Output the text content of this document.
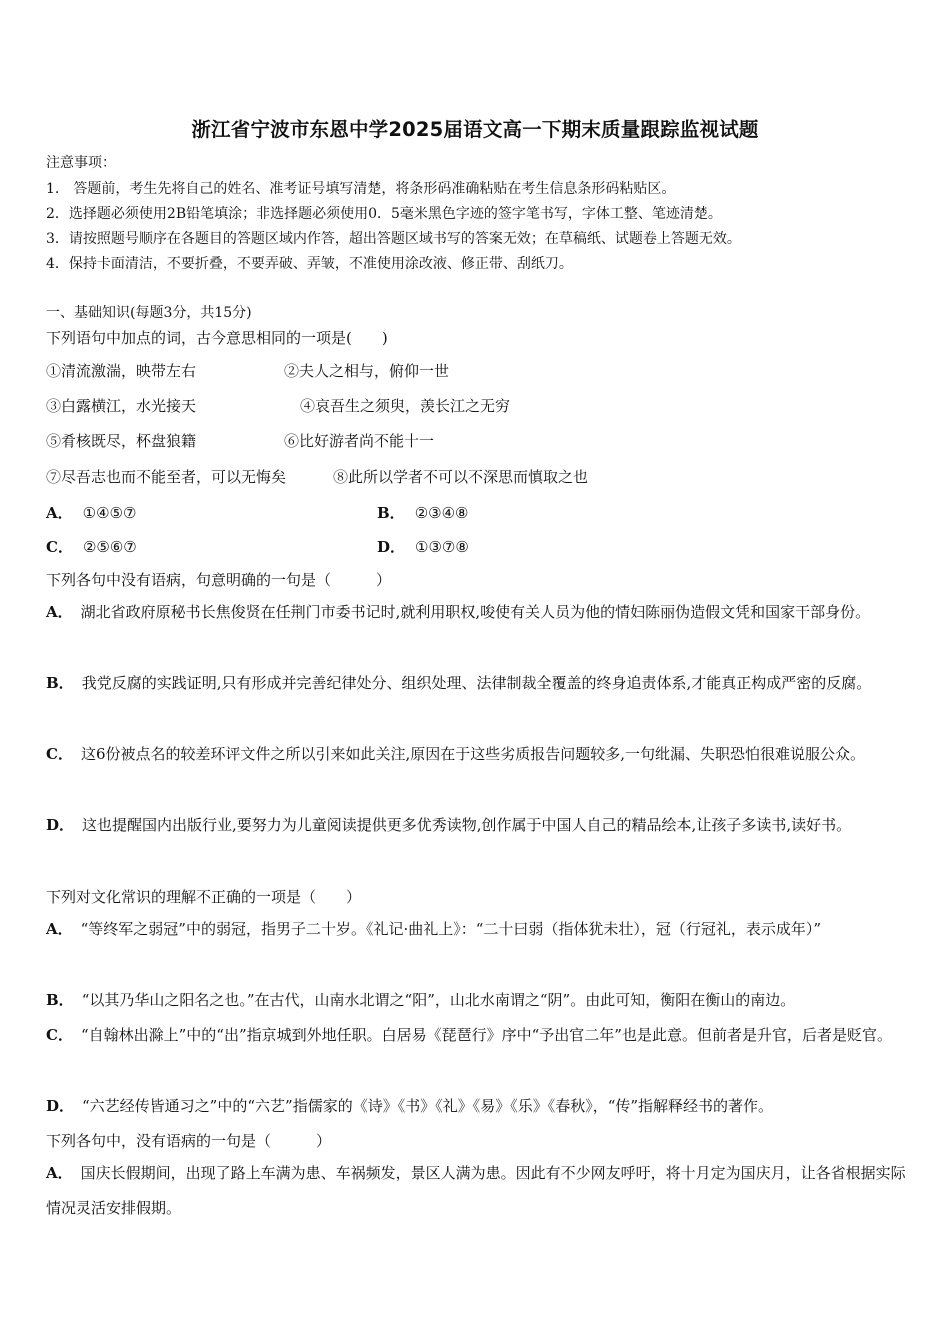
浙江省宁波市东恩中学2025届语文高一下期末质量跟踪监视试题
注意事项：
1.　答题前，考生先将自己的姓名、准考证号填写清楚，将条形码准确粘贴在考生信息条形码粘贴区。
2．选择题必须使用2B铅笔填涂；非选择题必须使用0．5毫米黑色字迹的签字笔书写，字体工整、笔迹清楚。
3．请按照题号顺序在各题目的答题区域内作答，超出答题区域书写的答案无效；在草稿纸、试题卷上答题无效。
4．保持卡面清洁，不要折叠，不要弄破、弄皱，不准使用涂改液、修正带、刮纸刀。
一、基础知识(每题3分，共15分)
下列语句中加点的词，古今意思相同的一项是(　　)
①清流激湍，映带左右	②夫人之相与，俯仰一世
③白露横江，水光接天	④哀吾生之须臾，羡长江之无穷
⑤肴核既尽，杯盘狼籍	⑥比好游者尚不能十一
⑦尽吾志也而不能至者，可以无悔矣	⑧此所以学者不可以不深思而慎取之也
A． ①④⑤⑦	B． ②③④⑧
C． ②⑤⑥⑦	D． ①③⑦⑧
下列各句中没有语病，句意明确的一句是（　　　）
A． 湖北省政府原秘书长焦俊贤在任荆门市委书记时,就利用职权,唆使有关人员为他的情妇陈丽伪造假文凭和国家干部身份。
B． 我党反腐的实践证明,只有形成并完善纪律处分、组织处理、法律制裁全覆盖的终身追责体系,才能真正构成严密的反腐。
C． 这6份被点名的较差环评文件之所以引来如此关注,原因在于这些劣质报告问题较多,一句纰漏、失职恐怕很难说服公众。
D． 这也提醒国内出版行业,要努力为儿童阅读提供更多优秀读物,创作属于中国人自己的精品绘本,让孩子多读书,读好书。
下列对文化常识的理解不正确的一项是（　　）
A． “等终军之弱冠”中的弱冠，指男子二十岁。《礼记·曲礼上》：“二十曰弱（指体犹未壮），冠（行冠礼，表示成年）”
B． “以其乃华山之阳名之也。”在古代，山南水北谓之“阳”，山北水南谓之“阴”。由此可知，衡阳在衡山的南边。
C． “自翰林出滁上”中的“出”指京城到外地任职。白居易《琵琶行》序中“予出官二年”也是此意。但前者是升官，后者是贬官。
D． “六艺经传皆通习之”中的“六艺”指儒家的《诗》《书》《礼》《易》《乐》《春秋》，“传”指解释经书的著作。
下列各句中，没有语病的一句是（　　　）
A． 国庆长假期间，出现了路上车满为患、车祸频发，景区人满为患。因此有不少网友呼吁，将十月定为国庆月，让各省根据实际情况灵活安排假期。
